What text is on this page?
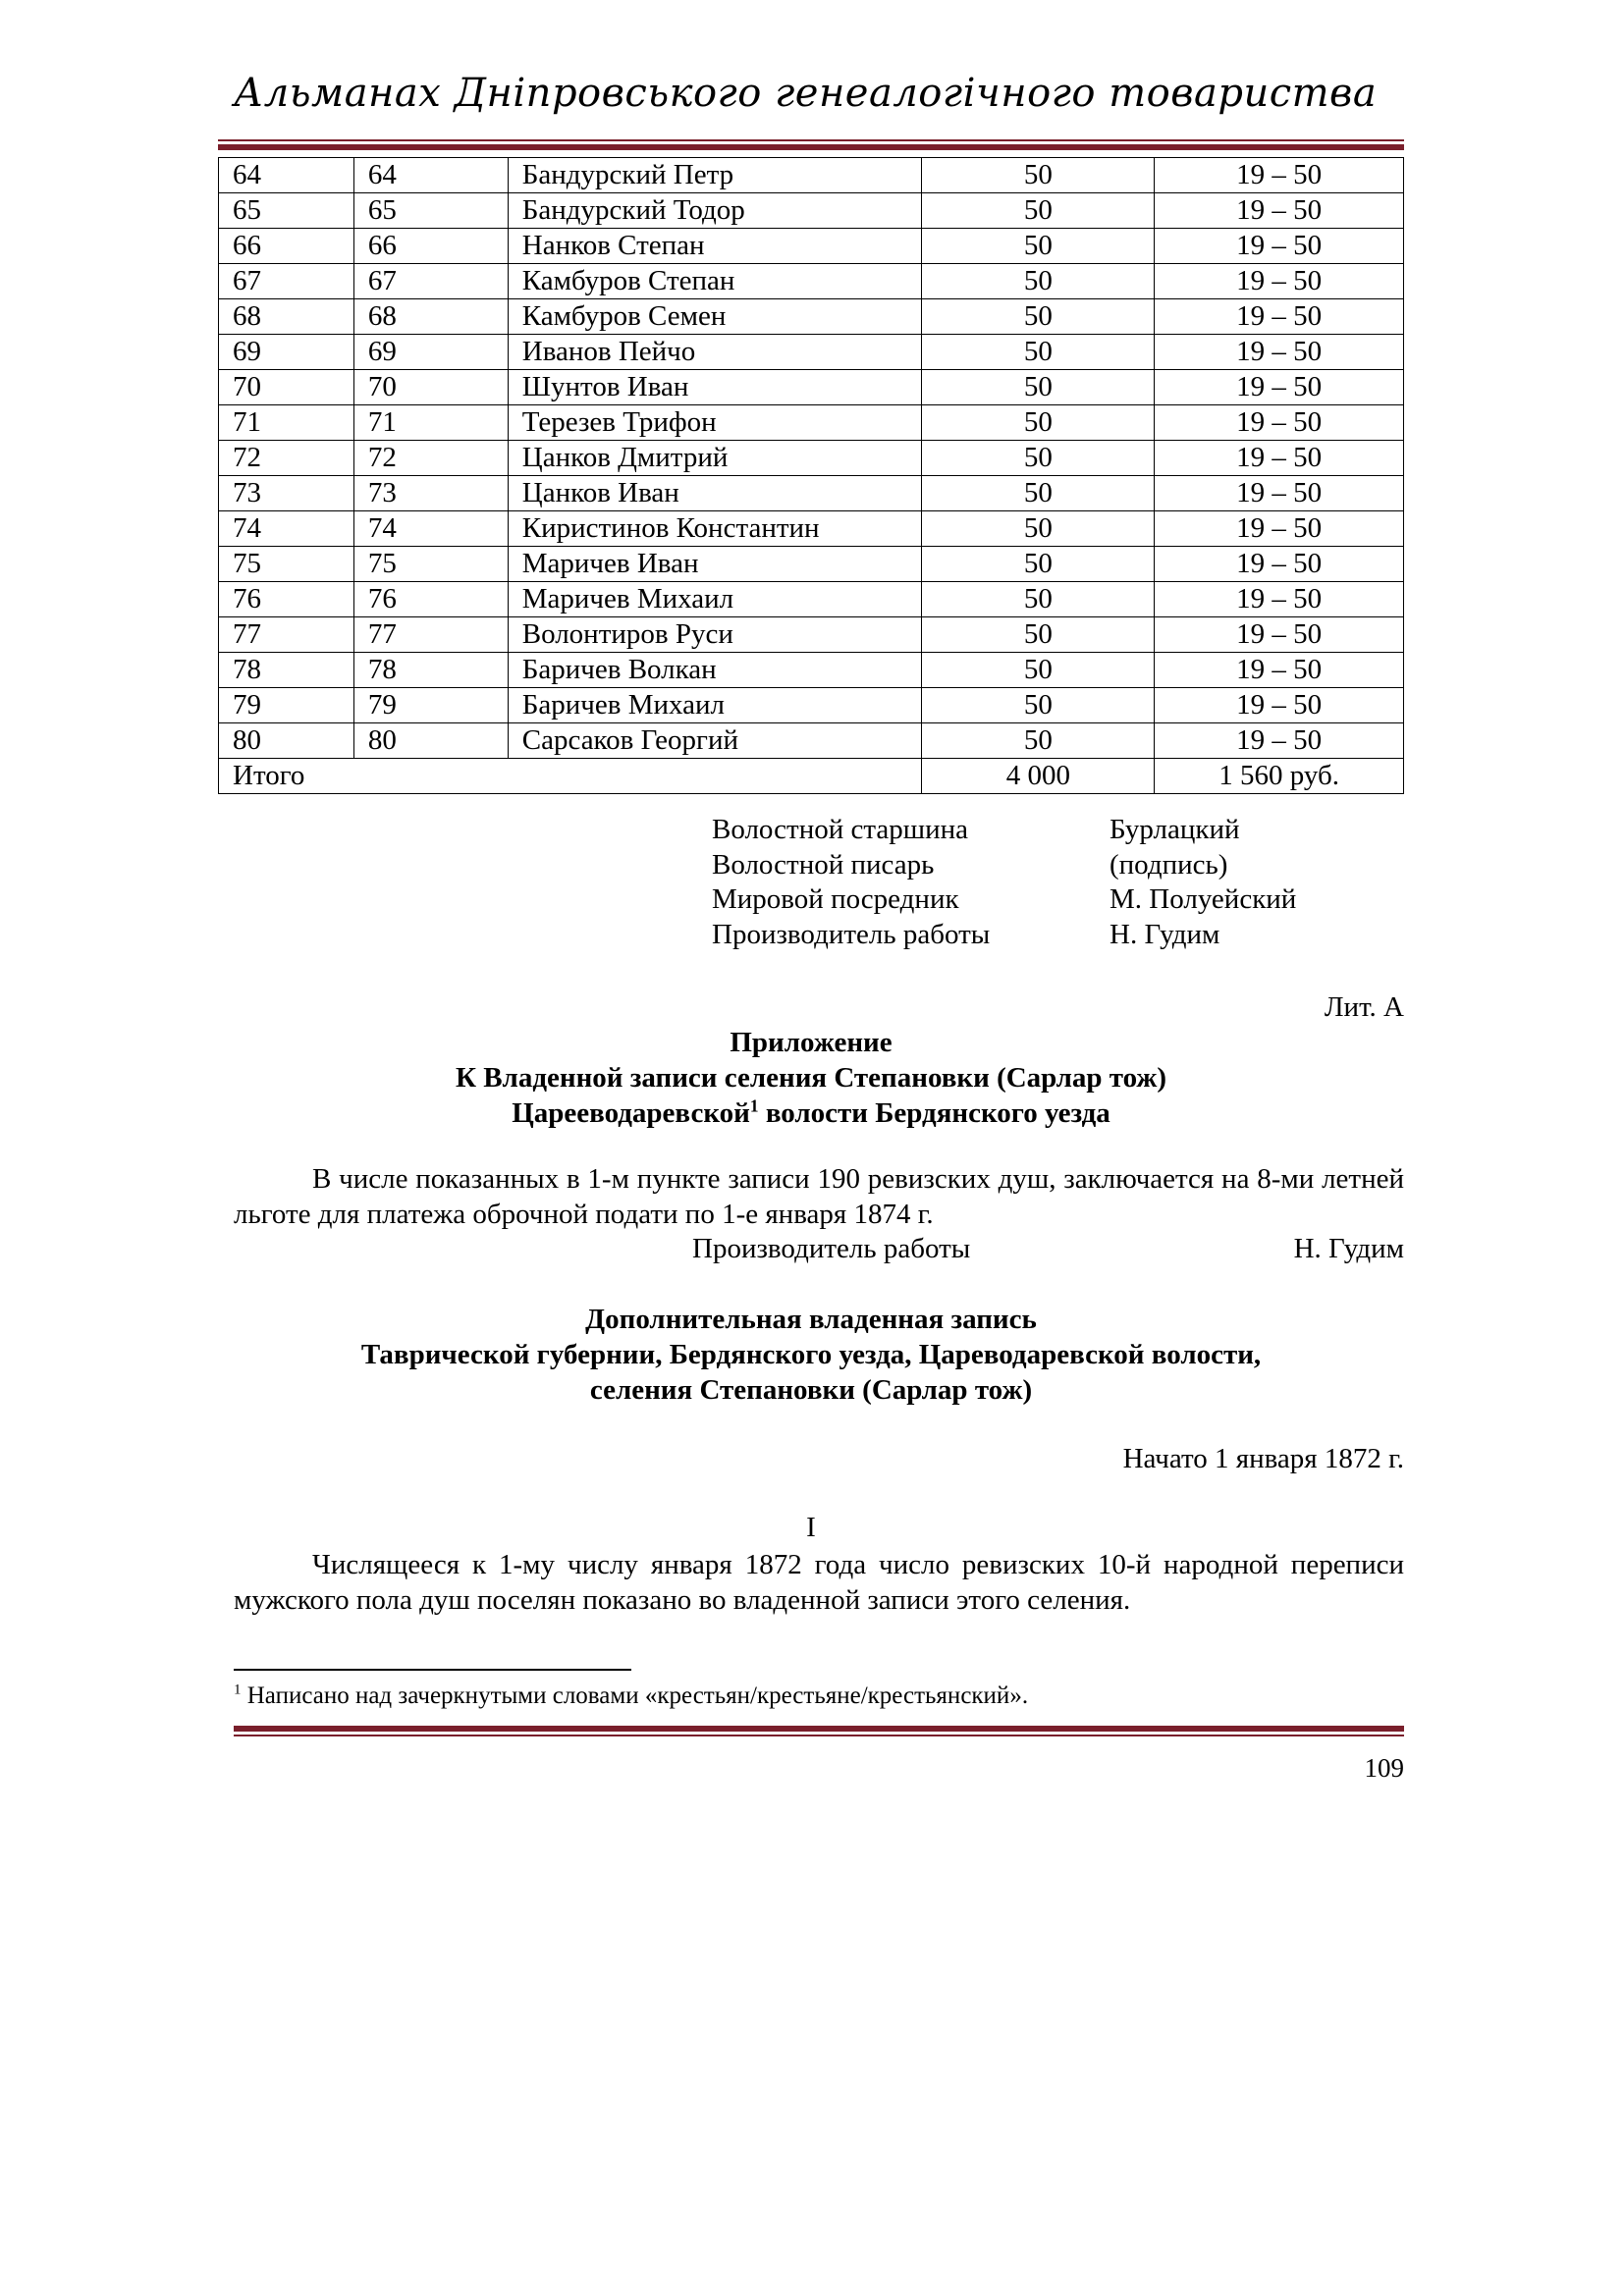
Альманах Дніпровського генеалогічного товариства
64	64	Бандурский Петр	50	19 – 50
65	65	Бандурский Тодор	50	19 – 50
66	66	Нанков Степан	50	19 – 50
67	67	Камбуров Степан	50	19 – 50
68	68	Камбуров Семен	50	19 – 50
69	69	Иванов Пейчо	50	19 – 50
70	70	Шунтов Иван	50	19 – 50
71	71	Терезев Трифон	50	19 – 50
72	72	Цанков Дмитрий	50	19 – 50
73	73	Цанков Иван	50	19 – 50
74	74	Киристинов Константин	50	19 – 50
75	75	Маричев Иван	50	19 – 50
76	76	Маричев Михаил	50	19 – 50
77	77	Волонтиров Руси	50	19 – 50
78	78	Баричев Волкан	50	19 – 50
79	79	Баричев Михаил	50	19 – 50
80	80	Сарсаков Георгий	50	19 – 50
Итого			4 000	1 560 руб.
Волостной старшина	Бурлацкий
Волостной писарь	(подпись)
Мировой посредник	М. Полуейский
Производитель работы	Н. Гудим
Лит. А
Приложение
К Владенной записи селения Степановки (Сарлар тож)
Царееводаревской$^1$ волости Бердянского уезда
В числе показанных в 1-м пункте записи 190 ревизских душ, заключается на 8-ми летней льготе для платежа оброчной подати по 1-е января 1874 г.
Производитель работы	Н. Гудим
Дополнительная владенная запись
Таврической губернии, Бердянского уезда, Цареводаревской волости,
селения Степановки (Сарлар тож)
Начато 1 января 1872 г.
I
Числящееся к 1-му числу января 1872 года число ревизских 10-й народной переписи мужского пола душ поселян показано во владенной записи этого селения.
$^1$ Написано над зачеркнутыми словами «крестьян/крестьяне/крестьянский».
109
